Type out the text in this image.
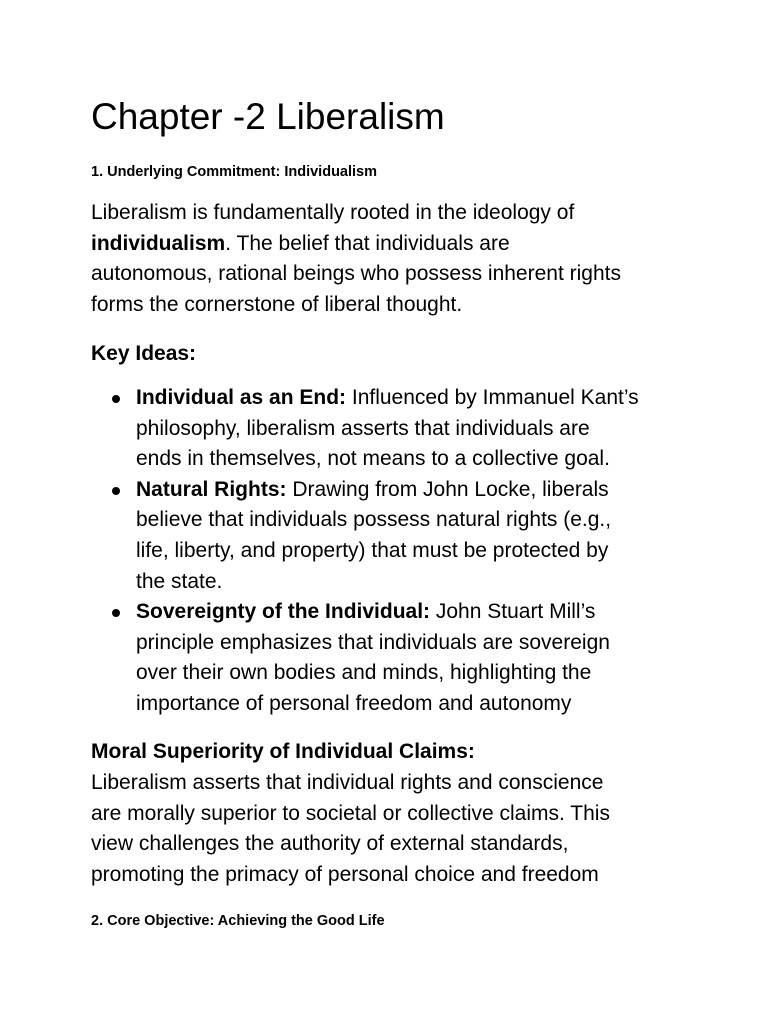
Chapter -2 Liberalism
1. Underlying Commitment: Individualism

Liberalism is fundamentally rooted in the ideology of
individualism. The belief that individuals are
autonomous, rational beings who possess inherent rights
forms the cornerstone of liberal thought.

Key Ideas:
Individual as an End: Influenced by Immanuel Kant’s
philosophy, liberalism asserts that individuals are
ends in themselves, not means to a collective goal.
Natural Rights: Drawing from John Locke, liberals
believe that individuals possess natural rights (e.g.,
life, liberty, and property) that must be protected by
the state.
Sovereignty of the Individual: John Stuart Mill’s
principle emphasizes that individuals are sovereign
over their own bodies and minds, highlighting the
importance of personal freedom and autonomy
Moral Superiority of Individual Claims:

Liberalism asserts that individual rights and conscience
are morally superior to societal or collective claims. This
view challenges the authority of external standards,
promoting the primacy of personal choice and freedom

2. Core Objective: Achieving the Good Life
